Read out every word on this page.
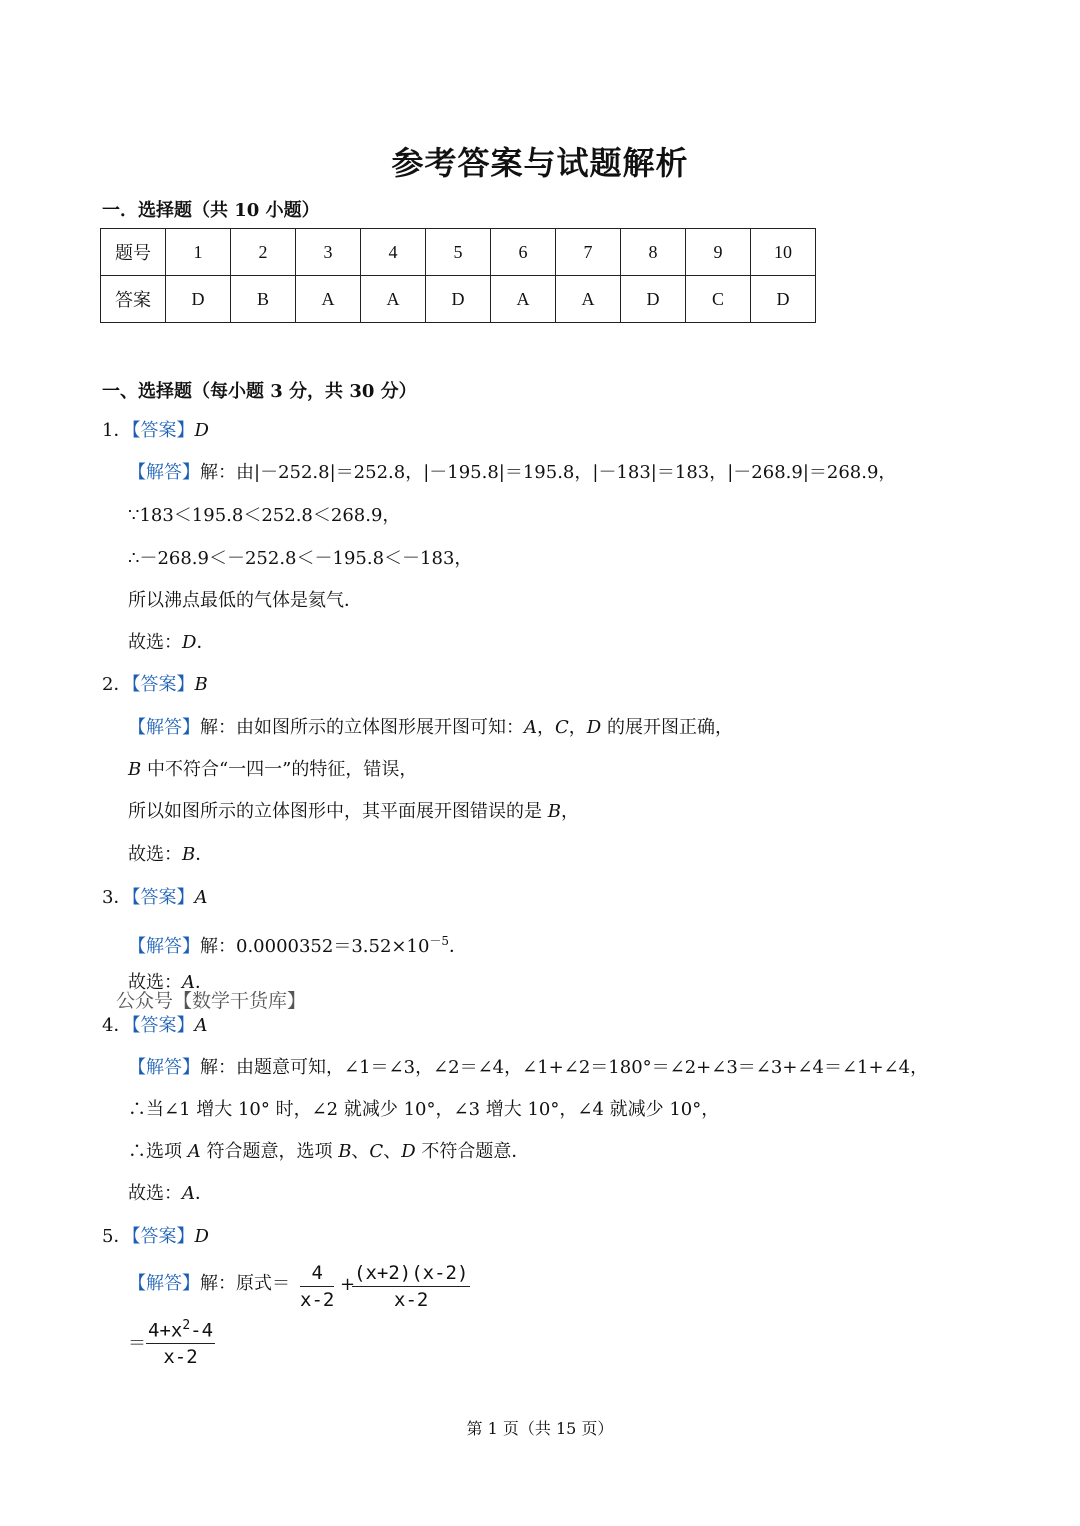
参考答案与试题解析
一．选择题（共 10 小题）
题号	1	2	3	4	5	6	7	8	9	10
答案	D	B	A	A	D	A	A	D	C	D
一、选择题（每小题 3 分，共 30 分）
1．【答案】D
【解答】解：由|－252.8|＝252.8，|－195.8|＝195.8，|－183|＝183，|－268.9|＝268.9，
∵183＜195.8＜252.8＜268.9，
∴－268.9＜－252.8＜－195.8＜－183，
所以沸点最低的气体是氦气．
故选：D．
2．【答案】B
【解答】解：由如图所示的立体图形展开图可知：A，C，D 的展开图正确，
B 中不符合“一四一”的特征，错误，
所以如图所示的立体图形中，其平面展开图错误的是 B，
故选：B．
3．【答案】A
【解答】解：$0.0000352=3.52\times 10^{-5}$．
故选：A．
公众号【数学干货库】
4．【答案】A
【解答】解：由题意可知，∠1＝∠3，∠2＝∠4，∠1+∠2＝180°＝∠2+∠3＝∠3+∠4＝∠1+∠4，
∴当∠1 增大 10° 时，∠2 就减少 10°，∠3 增大 10°，∠4 就减少 10°，
∴选项 A 符合题意，选项 B、C、D 不符合题意．
故选：A．
5．【答案】D
【解答】解：原式＝ $\frac{4}{x-2}$ +
$\frac{(x+2)(x-2)}{x-2}$
＝ $\frac{4+x^2-4}{x-2}$
第 1 页（共 15 页）
